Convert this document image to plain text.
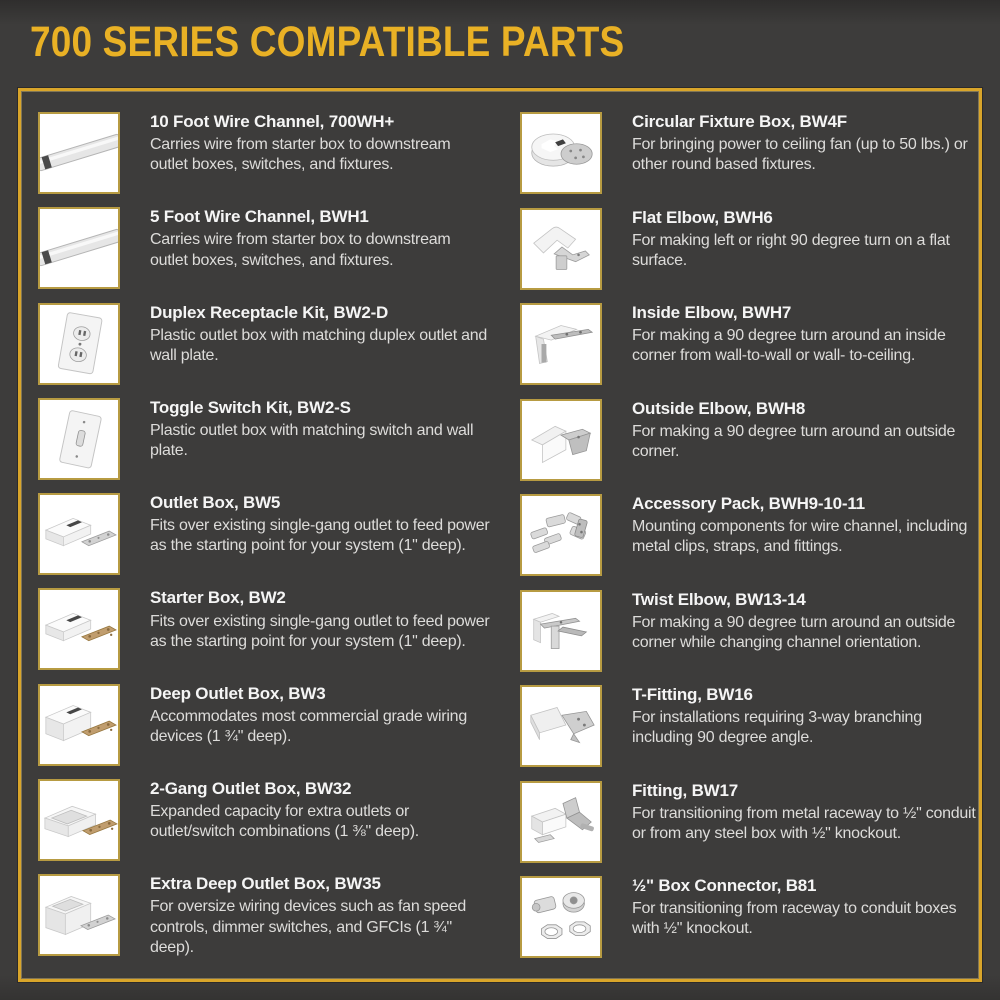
700 SERIES COMPATIBLE PARTS
10 Foot Wire Channel, 700WH+
Carries wire from starter box to downstream outlet boxes, switches, and fixtures.
5 Foot Wire Channel, BWH1
Carries wire from starter box to downstream outlet boxes, switches, and fixtures.
Duplex Receptacle Kit, BW2-D
Plastic outlet box with matching duplex outlet and wall plate.
Toggle Switch Kit, BW2-S
Plastic outlet box with matching switch and wall plate.
Outlet Box, BW5
Fits over existing single-gang outlet to feed power as the starting point for your system (1" deep).
Starter Box, BW2
Fits over existing single-gang outlet to feed power as the starting point for your system (1" deep).
Deep Outlet Box, BW3
Accommodates most commercial grade wiring devices (1 ¾" deep).
2-Gang Outlet Box, BW32
Expanded capacity for extra outlets or outlet/switch combinations (1 ⅜" deep).
Extra Deep Outlet Box, BW35
For oversize wiring devices such as fan speed controls, dimmer switches, and GFCIs (1 ¾" deep).
Circular Fixture Box, BW4F
For bringing power to ceiling fan (up to 50 lbs.) or other round based fixtures.
Flat Elbow, BWH6
For making left or right 90 degree turn on a flat surface.
Inside Elbow, BWH7
For making a 90 degree turn around an inside corner from wall-to-wall or wall- to-ceiling.
Outside Elbow, BWH8
For making a 90 degree turn around an outside corner.
Accessory Pack, BWH9-10-11
Mounting components for wire channel, including metal clips, straps, and fittings.
Twist Elbow, BW13-14
For making a 90 degree turn around an outside corner while changing channel orientation.
T-Fitting, BW16
For installations requiring 3-way branching including 90 degree angle.
Fitting, BW17
For transitioning from metal raceway to ½" conduit or from any steel box with ½" knockout.
½" Box Connector, B81
For transitioning from raceway to conduit boxes with ½" knockout.
